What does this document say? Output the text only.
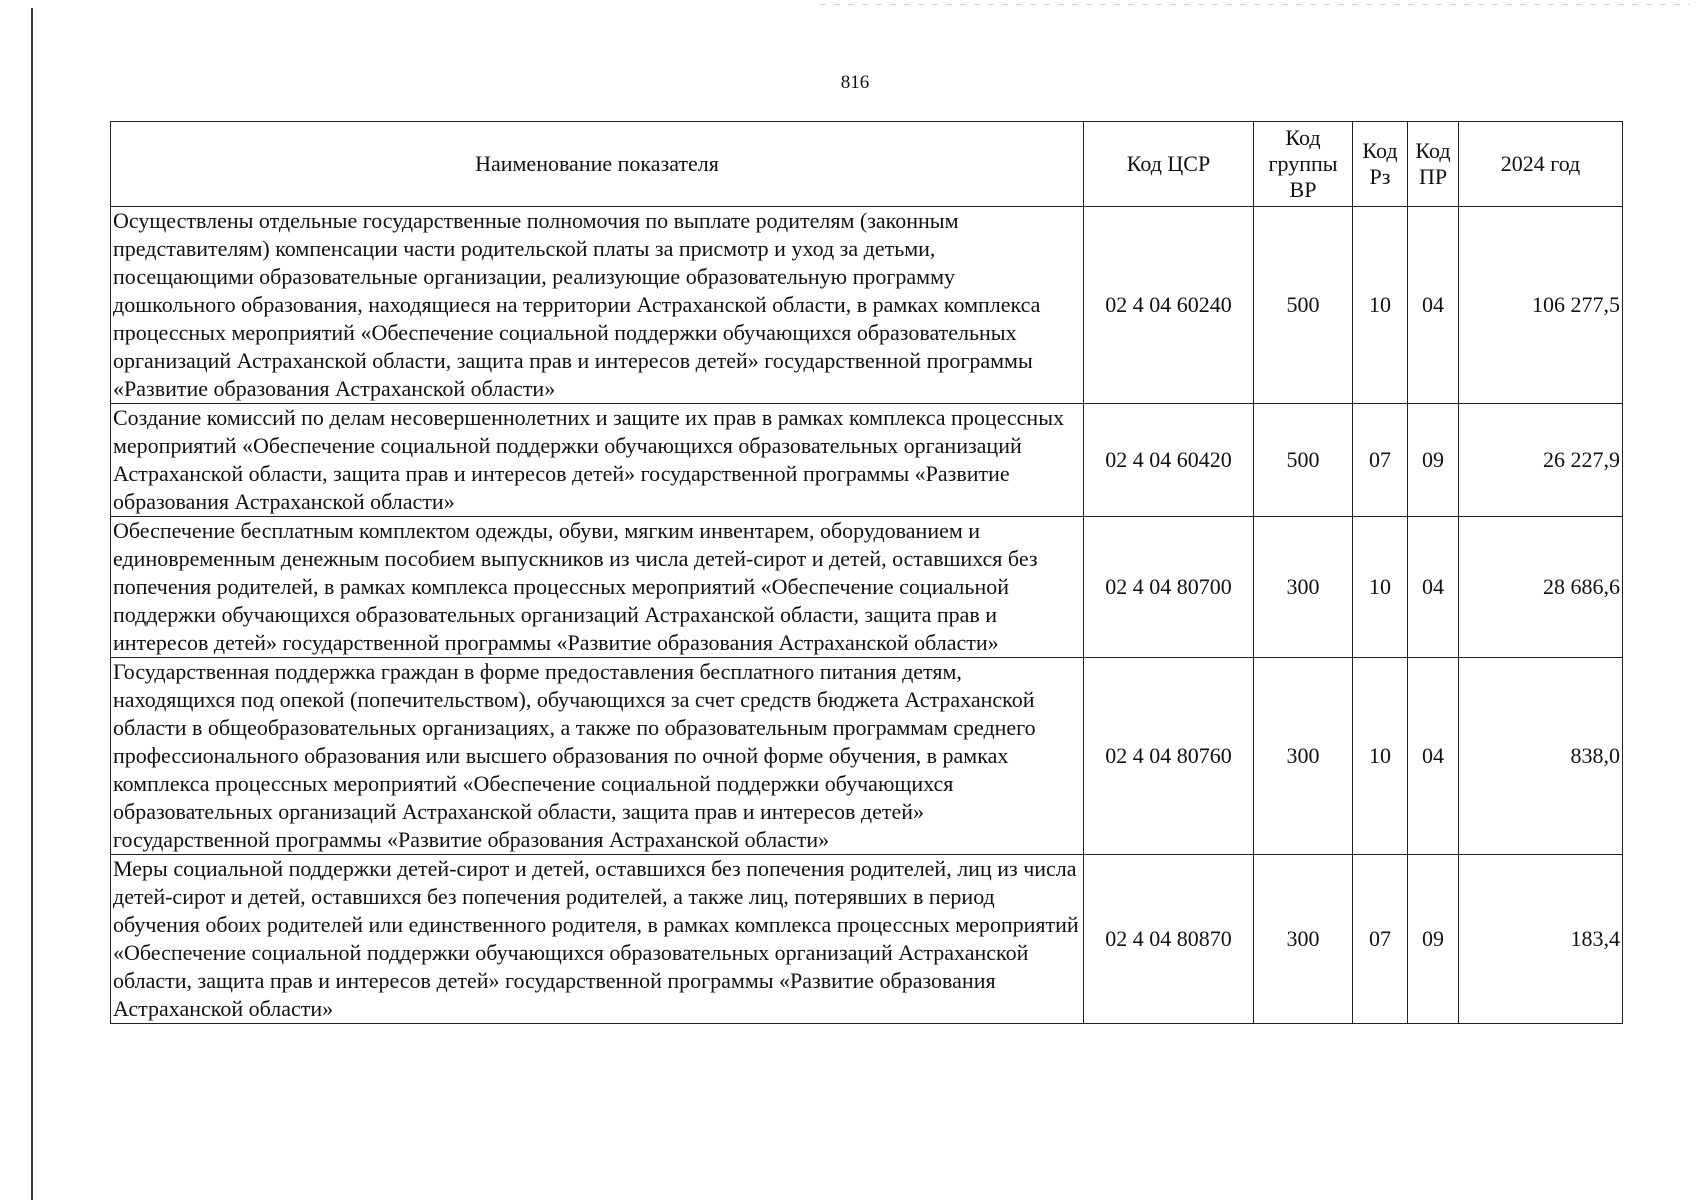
816
Наименование показателя	Код ЦСР	Код группы ВР	Код Рз	Код ПР	2024 год
Осуществлены отдельные государственные полномочия по выплате родителям (законным представителям) компенсации части родительской платы за присмотр и уход за детьми, посещающими образовательные организации, реализующие образовательную программу дошкольного образования, находящиеся на территории Астраханской области, в рамках комплекса процессных мероприятий «Обеспечение социальной поддержки обучающихся образовательных организаций Астраханской области, защита прав и интересов детей» государственной программы «Развитие образования Астраханской области»	02 4 04 60240	500	10	04	106 277,5
Создание комиссий по делам несовершеннолетних и защите их прав в рамках комплекса процессных мероприятий «Обеспечение социальной поддержки обучающихся образовательных организаций Астраханской области, защита прав и интересов детей» государственной программы «Развитие образования Астраханской области»	02 4 04 60420	500	07	09	26 227,9
Обеспечение бесплатным комплектом одежды, обуви, мягким инвентарем, оборудованием и единовременным денежным пособием выпускников из числа детей-сирот и детей, оставшихся без попечения родителей, в рамках комплекса процессных мероприятий «Обеспечение социальной поддержки обучающихся образовательных организаций Астраханской области, защита прав и интересов детей» государственной программы «Развитие образования Астраханской области»	02 4 04 80700	300	10	04	28 686,6
Государственная поддержка граждан в форме предоставления бесплатного питания детям, находящихся под опекой (попечительством), обучающихся за счет средств бюджета Астраханской области в общеобразовательных организациях, а также по образовательным программам среднего профессионального образования или высшего образования по очной форме обучения, в рамках комплекса процессных мероприятий «Обеспечение социальной поддержки обучающихся образовательных организаций Астраханской области, защита прав и интересов детей» государственной программы «Развитие образования Астраханской области»	02 4 04 80760	300	10	04	838,0
Меры социальной поддержки детей-сирот и детей, оставшихся без попечения родителей, лиц из числа детей-сирот и детей, оставшихся без попечения родителей, а также лиц, потерявших в период обучения обоих родителей или единственного родителя, в рамках комплекса процессных мероприятий «Обеспечение социальной поддержки обучающихся образовательных организаций Астраханской области, защита прав и интересов детей» государственной программы «Развитие образования Астраханской области»	02 4 04 80870	300	07	09	183,4
